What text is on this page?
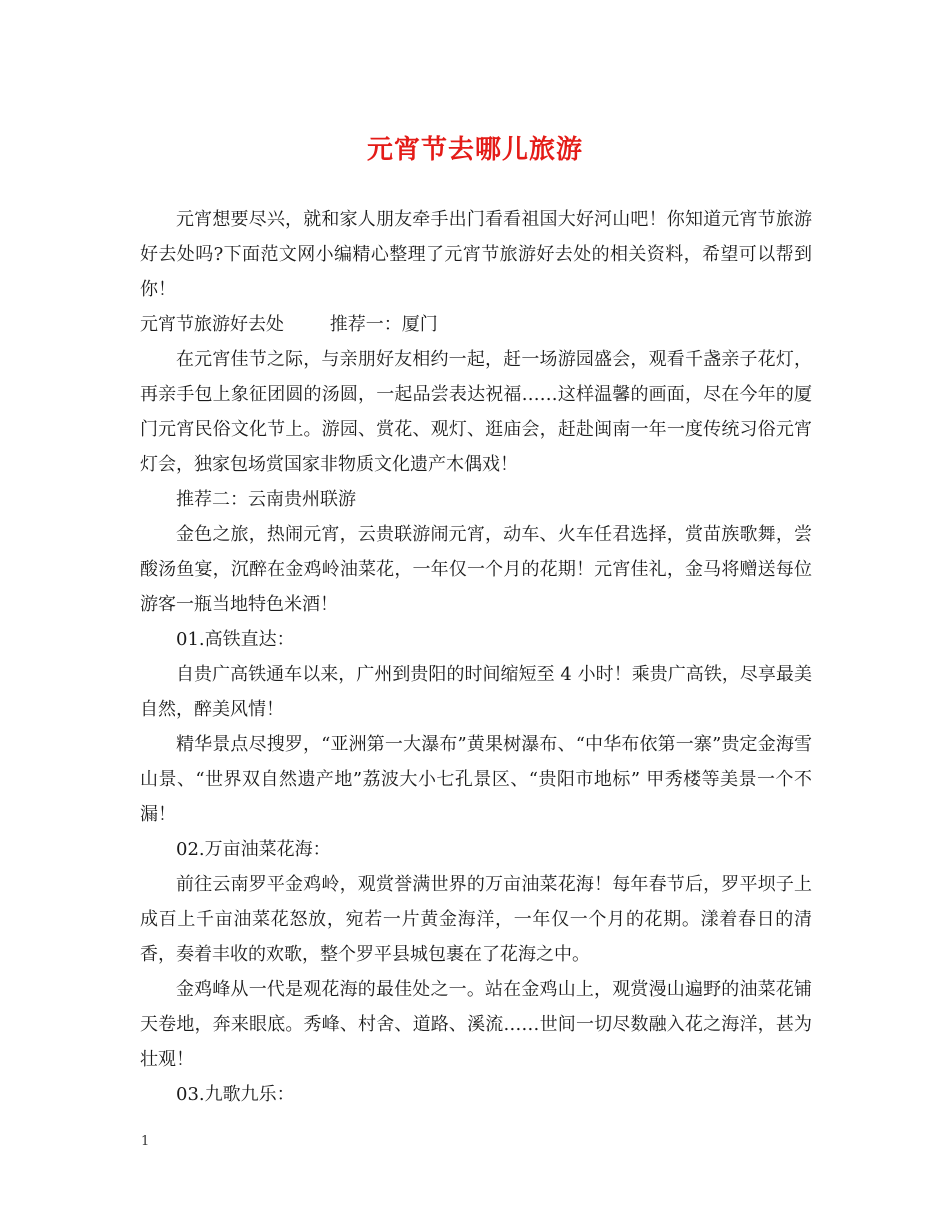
元宵节去哪儿旅游

元宵想要尽兴，就和家人朋友牵手出门看看祖国大好河山吧！你知道元宵节旅游好去处吗?下面范文网小编精心整理了元宵节旅游好去处的相关资料，希望可以帮到你！

元宵节旅游好去处	推荐一：厦门

在元宵佳节之际，与亲朋好友相约一起，赶一场游园盛会，观看千盏亲子花灯，再亲手包上象征团圆的汤圆，一起品尝表达祝福……这样温馨的画面，尽在今年的厦门元宵民俗文化节上。游园、赏花、观灯、逛庙会，赶赴闽南一年一度传统习俗元宵灯会，独家包场赏国家非物质文化遗产木偶戏！

推荐二：云南贵州联游

金色之旅，热闹元宵，云贵联游闹元宵，动车、火车任君选择，赏苗族歌舞，尝酸汤鱼宴，沉醉在金鸡岭油菜花，一年仅一个月的花期！元宵佳礼，金马将赠送每位游客一瓶当地特色米酒！

01.高铁直达：

自贵广高铁通车以来，广州到贵阳的时间缩短至 4 小时！乘贵广高铁，尽享最美自然，醉美风情！

精华景点尽搜罗，“亚洲第一大瀑布”黄果树瀑布、“中华布依第一寨”贵定金海雪山景、“世界双自然遗产地”荔波大小七孔景区、“贵阳市地标” 甲秀楼等美景一个不漏！

02.万亩油菜花海：

前往云南罗平金鸡岭，观赏誉满世界的万亩油菜花海！每年春节后，罗平坝子上成百上千亩油菜花怒放，宛若一片黄金海洋，一年仅一个月的花期。漾着春日的清香，奏着丰收的欢歌，整个罗平县城包裹在了花海之中。

金鸡峰从一代是观花海的最佳处之一。站在金鸡山上，观赏漫山遍野的油菜花铺天卷地，奔来眼底。秀峰、村舍、道路、溪流……世间一切尽数融入花之海洋，甚为壮观！

03.九歌九乐：

1
